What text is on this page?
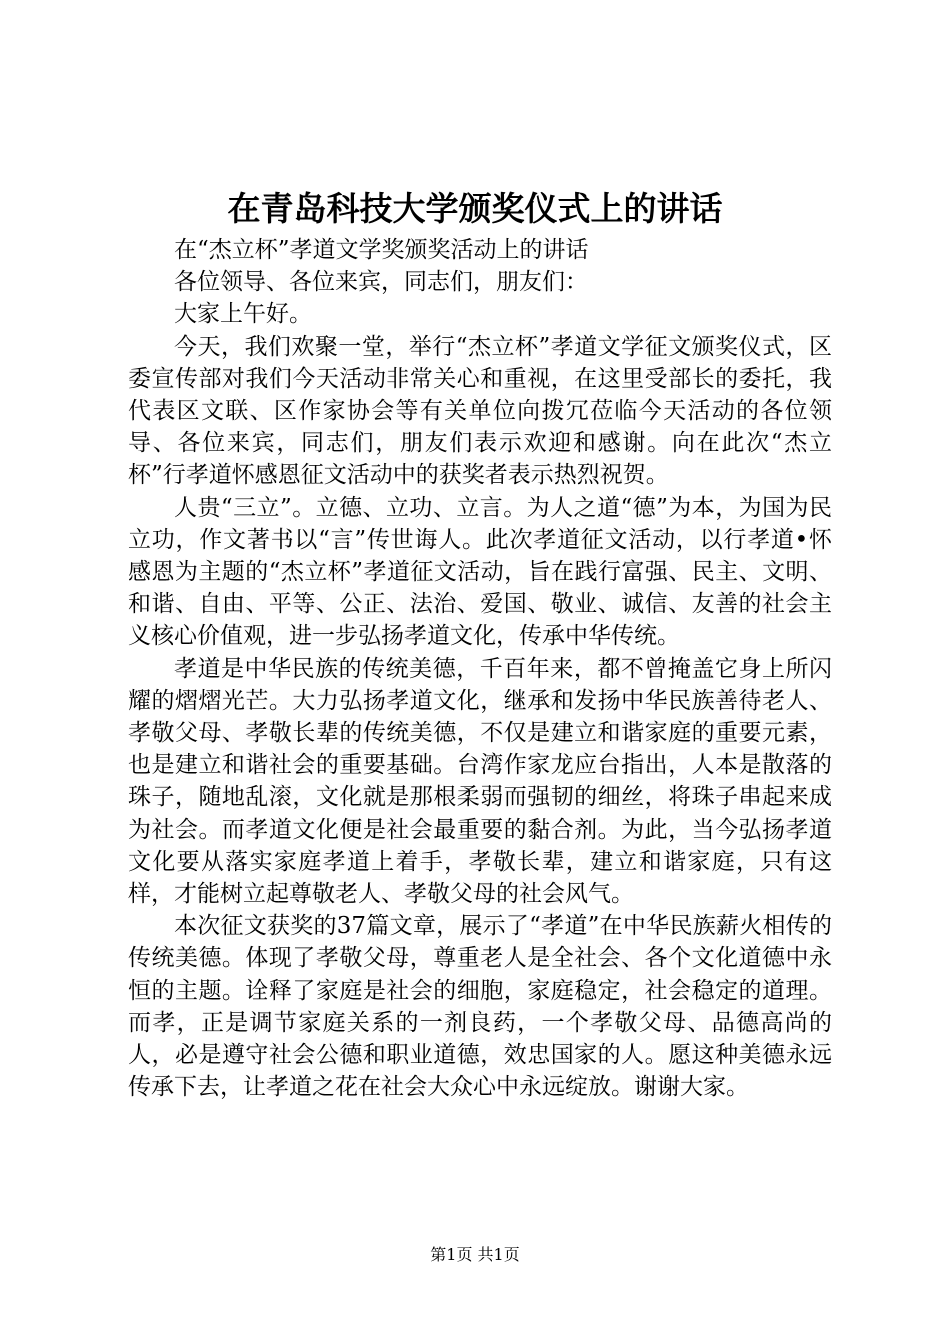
在青岛科技大学颁奖仪式上的讲话

在“杰立杯”孝道文学奖颁奖活动上的讲话

各位领导、各位来宾，同志们，朋友们：

大家上午好。

今天，我们欢聚一堂，举行“杰立杯”孝道文学征文颁奖仪式，区委宣传部对我们今天活动非常关心和重视，在这里受部长的委托，我代表区文联、区作家协会等有关单位向拨冗莅临今天活动的各位领导、各位来宾，同志们，朋友们表示欢迎和感谢。向在此次“杰立杯”行孝道怀感恩征文活动中的获奖者表示热烈祝贺。

人贵“三立”。立德、立功、立言。为人之道“德”为本，为国为民立功，作文著书以“言”传世诲人。此次孝道征文活动，以行孝道•怀感恩为主题的“杰立杯”孝道征文活动，旨在践行富强、民主、文明、和谐、自由、平等、公正、法治、爱国、敬业、诚信、友善的社会主义核心价值观，进一步弘扬孝道文化，传承中华传统。

孝道是中华民族的传统美德，千百年来，都不曾掩盖它身上所闪耀的熠熠光芒。大力弘扬孝道文化，继承和发扬中华民族善待老人、孝敬父母、孝敬长辈的传统美德，不仅是建立和谐家庭的重要元素，也是建立和谐社会的重要基础。台湾作家龙应台指出，人本是散落的珠子，随地乱滚，文化就是那根柔弱而强韧的细丝，将珠子串起来成为社会。而孝道文化便是社会最重要的黏合剂。为此，当今弘扬孝道文化要从落实家庭孝道上着手，孝敬长辈，建立和谐家庭，只有这样，才能树立起尊敬老人、孝敬父母的社会风气。

本次征文获奖的37篇文章，展示了“孝道”在中华民族薪火相传的传统美德。体现了孝敬父母，尊重老人是全社会、各个文化道德中永恒的主题。诠释了家庭是社会的细胞，家庭稳定，社会稳定的道理。而孝，正是调节家庭关系的一剂良药，一个孝敬父母、品德高尚的人，必是遵守社会公德和职业道德，效忠国家的人。愿这种美德永远传承下去，让孝道之花在社会大众心中永远绽放。谢谢大家。

第1页 共1页
